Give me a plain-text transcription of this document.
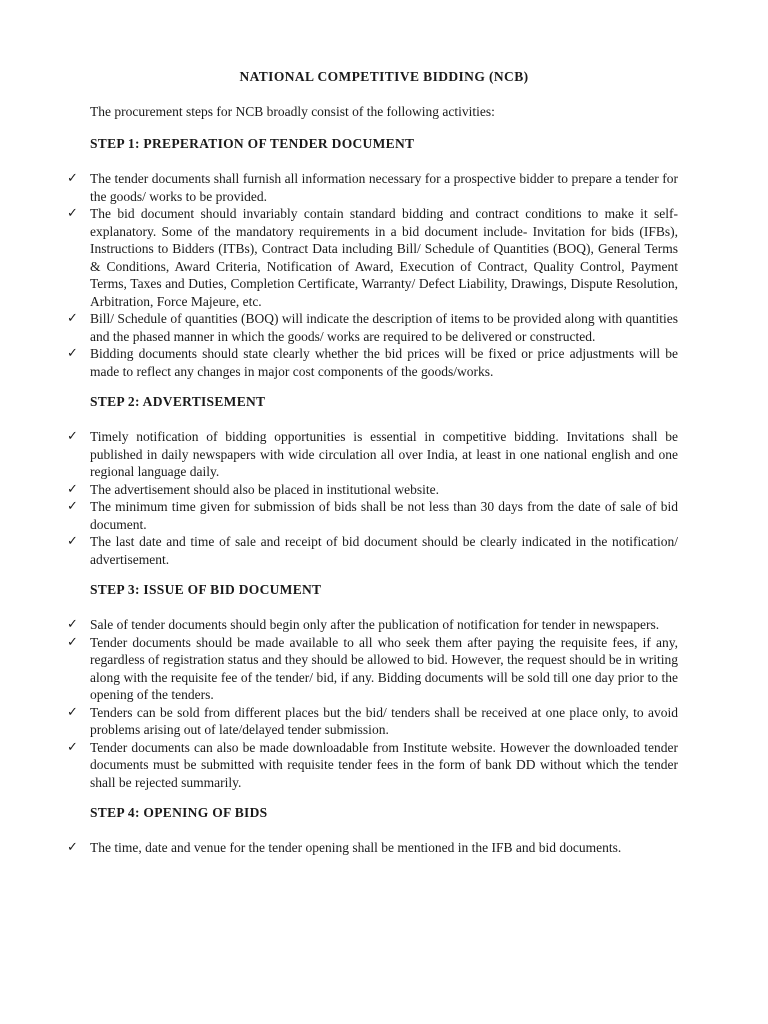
NATIONAL COMPETITIVE BIDDING (NCB)
The procurement steps for NCB broadly consist of the following activities:
STEP 1: PREPERATION OF TENDER DOCUMENT
✓ The tender documents shall furnish all information necessary for a prospective bidder to prepare a tender for the goods/ works to be provided.
✓ The bid document should invariably contain standard bidding and contract conditions to make it self-explanatory. Some of the mandatory requirements in a bid document include- Invitation for bids (IFBs), Instructions to Bidders (ITBs), Contract Data including Bill/ Schedule of Quantities (BOQ), General Terms & Conditions, Award Criteria, Notification of Award, Execution of Contract, Quality Control, Payment Terms, Taxes and Duties, Completion Certificate, Warranty/ Defect Liability, Drawings, Dispute Resolution, Arbitration, Force Majeure, etc.
✓ Bill/ Schedule of quantities (BOQ) will indicate the description of items to be provided along with quantities and the phased manner in which the goods/ works are required to be delivered or constructed.
✓ Bidding documents should state clearly whether the bid prices will be fixed or price adjustments will be made to reflect any changes in major cost components of the goods/works.
STEP 2: ADVERTISEMENT
✓ Timely notification of bidding opportunities is essential in competitive bidding. Invitations shall be published in daily newspapers with wide circulation all over India, at least in one national english and one regional language daily.
✓ The advertisement should also be placed in institutional website.
✓ The minimum time given for submission of bids shall be not less than 30 days from the date of sale of bid document.
✓ The last date and time of sale and receipt of bid document should be clearly indicated in the notification/ advertisement.
STEP 3: ISSUE OF BID DOCUMENT
✓ Sale of tender documents should begin only after the publication of notification for tender in newspapers.
✓ Tender documents should be made available to all who seek them after paying the requisite fees, if any, regardless of registration status and they should be allowed to bid. However, the request should be in writing along with the requisite fee of the tender/ bid, if any. Bidding documents will be sold till one day prior to the opening of the tenders.
✓ Tenders can be sold from different places but the bid/ tenders shall be received at one place only, to avoid problems arising out of late/delayed tender submission.
✓ Tender documents can also be made downloadable from Institute website. However the downloaded tender documents must be submitted with requisite tender fees in the form of bank DD without which the tender shall be rejected summarily.
STEP 4: OPENING OF BIDS
✓ The time, date and venue for the tender opening shall be mentioned in the IFB and bid documents.
